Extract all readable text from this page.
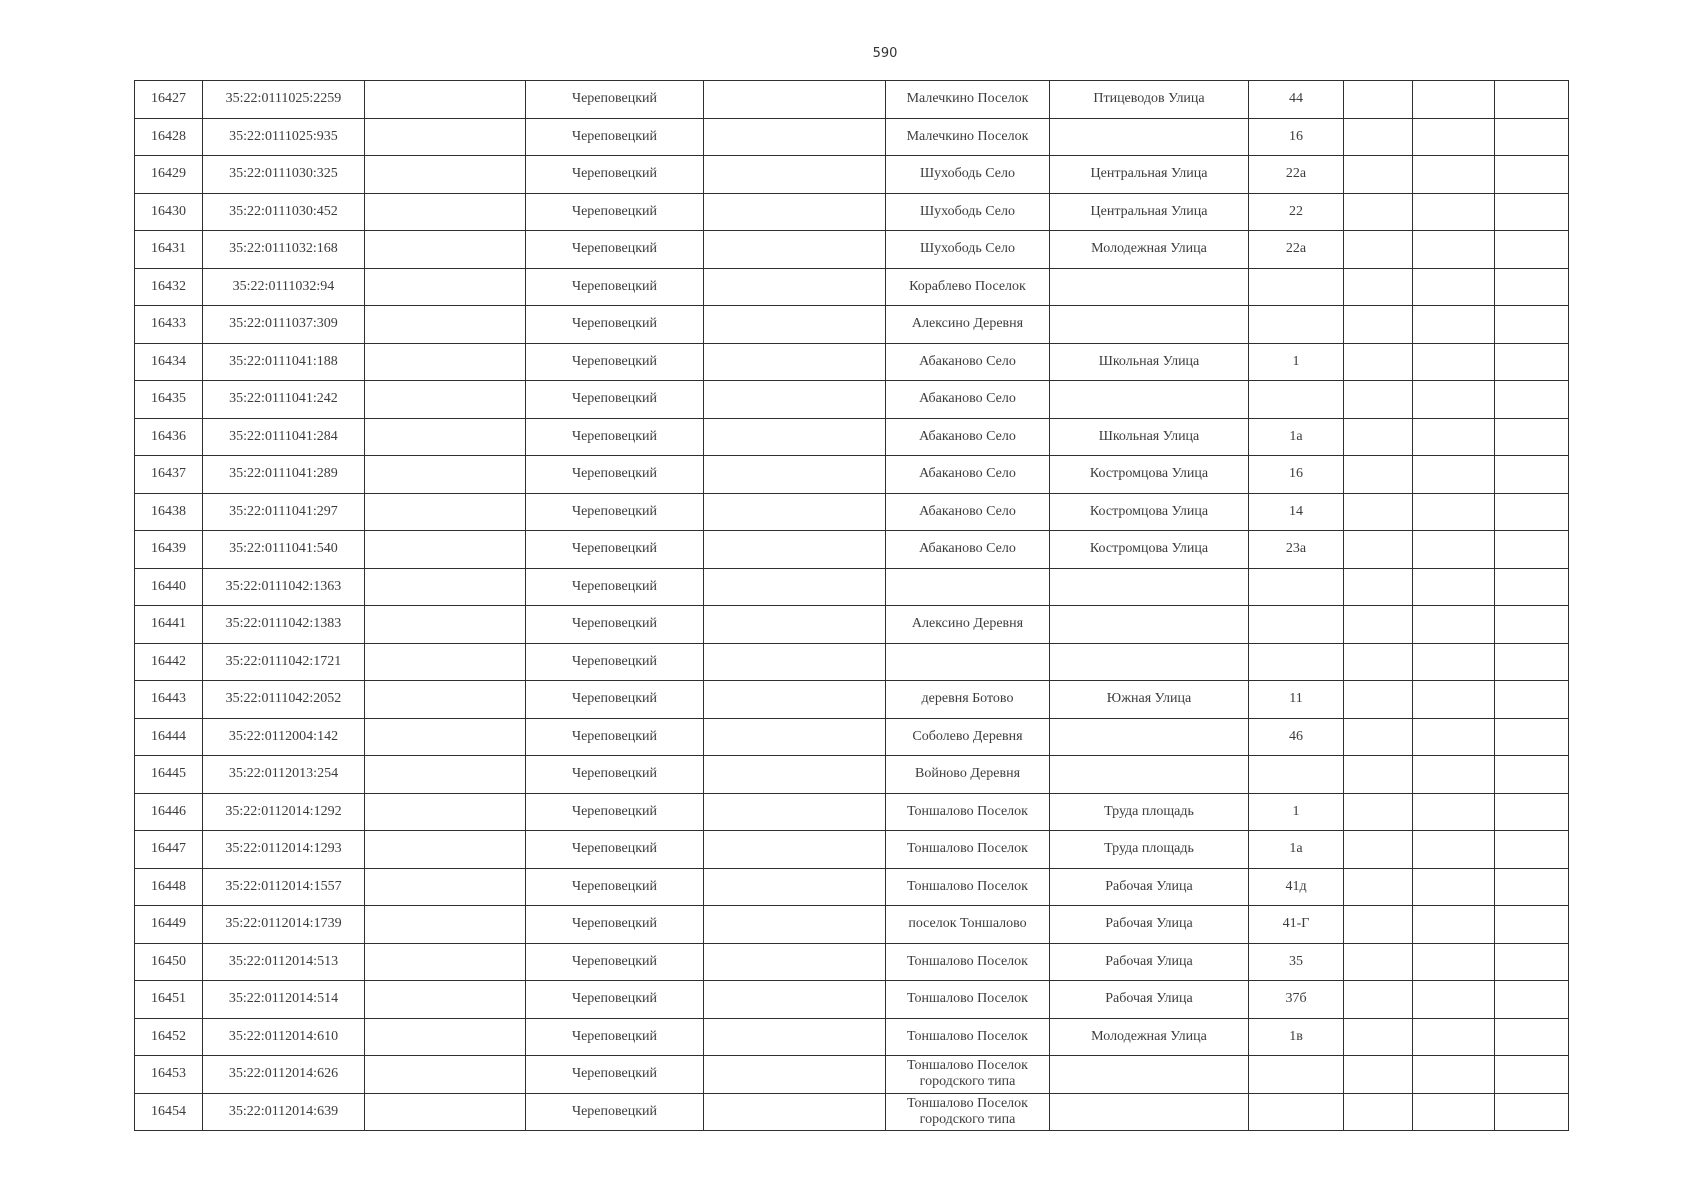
590
16427	35:22:0111025:2259		Череповецкий		Малечкино Поселок	Птицеводов Улица	44			
16428	35:22:0111025:935		Череповецкий		Малечкино Поселок		16			
16429	35:22:0111030:325		Череповецкий		Шухободь Село	Центральная Улица	22а			
16430	35:22:0111030:452		Череповецкий		Шухободь Село	Центральная Улица	22			
16431	35:22:0111032:168		Череповецкий		Шухободь Село	Молодежная Улица	22а			
16432	35:22:0111032:94		Череповецкий		Кораблево Поселок					
16433	35:22:0111037:309		Череповецкий		Алексино Деревня					
16434	35:22:0111041:188		Череповецкий		Абаканово Село	Школьная Улица	1			
16435	35:22:0111041:242		Череповецкий		Абаканово Село					
16436	35:22:0111041:284		Череповецкий		Абаканово Село	Школьная Улица	1а			
16437	35:22:0111041:289		Череповецкий		Абаканово Село	Костромцова Улица	16			
16438	35:22:0111041:297		Череповецкий		Абаканово Село	Костромцова Улица	14			
16439	35:22:0111041:540		Череповецкий		Абаканово Село	Костромцова Улица	23а			
16440	35:22:0111042:1363		Череповецкий							
16441	35:22:0111042:1383		Череповецкий		Алексино Деревня					
16442	35:22:0111042:1721		Череповецкий							
16443	35:22:0111042:2052		Череповецкий		деревня Ботово	Южная Улица	11			
16444	35:22:0112004:142		Череповецкий		Соболево Деревня		46			
16445	35:22:0112013:254		Череповецкий		Войново Деревня					
16446	35:22:0112014:1292		Череповецкий		Тоншалово Поселок	Труда площадь	1			
16447	35:22:0112014:1293		Череповецкий		Тоншалово Поселок	Труда площадь	1а			
16448	35:22:0112014:1557		Череповецкий		Тоншалово Поселок	Рабочая Улица	41д			
16449	35:22:0112014:1739		Череповецкий		поселок Тоншалово	Рабочая Улица	41-Г			
16450	35:22:0112014:513		Череповецкий		Тоншалово Поселок	Рабочая Улица	35			
16451	35:22:0112014:514		Череповецкий		Тоншалово Поселок	Рабочая Улица	37б			
16452	35:22:0112014:610		Череповецкий		Тоншалово Поселок	Молодежная Улица	1в			
16453	35:22:0112014:626		Череповецкий		Тоншалово Поселок городского типа					
16454	35:22:0112014:639		Череповецкий		Тоншалово Поселок городского типа					
